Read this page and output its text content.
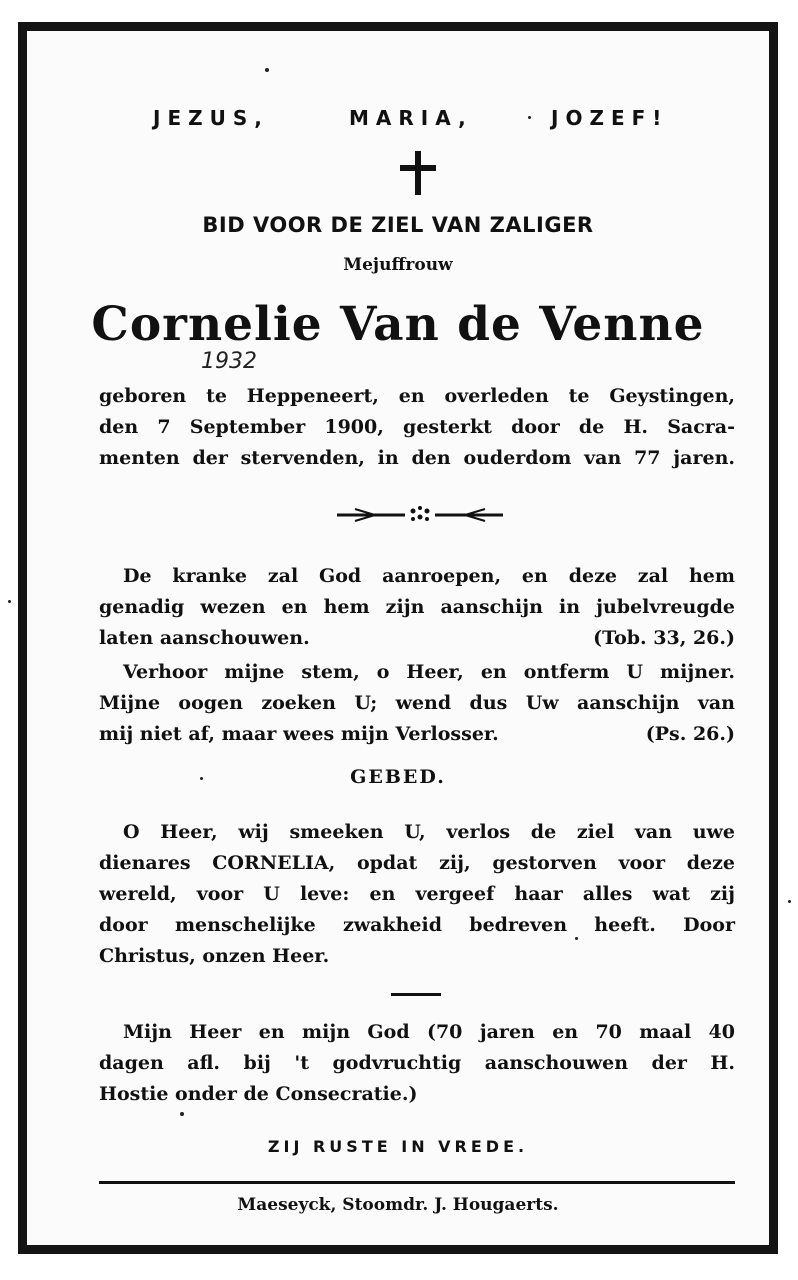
JEZUS,	MARIA,	JOZEF!
BID VOOR DE ZIEL VAN ZALIGER
Mejuffrouw
Cornelie Van de Venne
1932
geboren te Heppeneert, en overleden te Geystingen,
den 7 September 1900, gesterkt door de H. Sacra-
menten der stervenden, in den ouderdom van 77 jaren.
De kranke zal God aanroepen, en deze zal hem
genadig wezen en hem zijn aanschijn in jubelvreugde
laten aanschouwen.	(Tob. 33, 26.)
Verhoor mijne stem, o Heer, en ontferm U mijner.
Mijne oogen zoeken U; wend dus Uw aanschijn van
mij niet af, maar wees mijn Verlosser.	(Ps. 26.)
GEBED.
O Heer, wij smeeken U, verlos de ziel van uwe
dienares CORNELIA, opdat zij, gestorven voor deze
wereld, voor U leve: en vergeef haar alles wat zij
door menschelijke zwakheid bedreven heeft. Door
Christus, onzen Heer.
Mijn Heer en mijn God (70 jaren en 70 maal 40
dagen afl. bij 't godvruchtig aanschouwen der H.
Hostie onder de Consecratie.)
ZIJ RUSTE IN VREDE.
Maeseyck, Stoomdr. J. Hougaerts.
